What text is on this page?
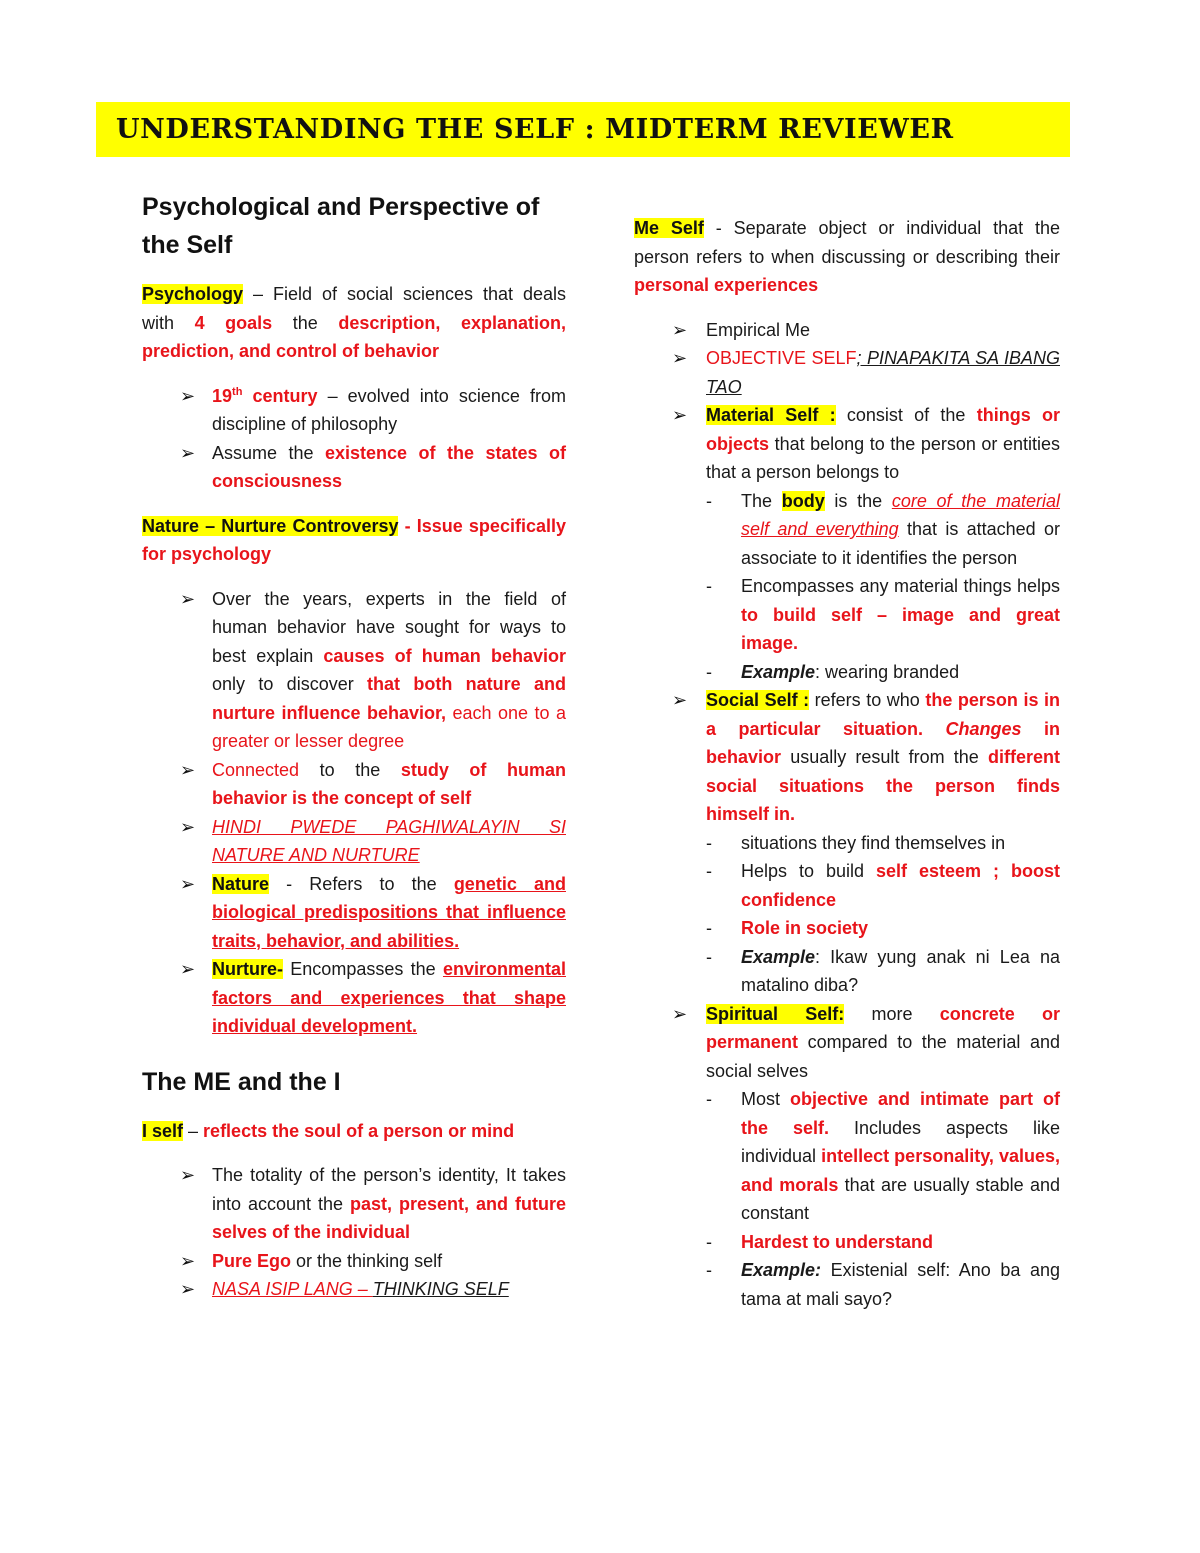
UNDERSTANDING THE SELF : MIDTERM REVIEWER
Psychological and Perspective of the Self

Psychology – Field of social sciences that deals with 4 goals the description, explanation, prediction, and control of behavior

➢ 19th century – evolved into science from discipline of philosophy
➢ Assume the existence of the states of consciousness

Nature – Nurture Controversy - Issue specifically for psychology

➢ Over the years, experts in the field of human behavior have sought for ways to best explain causes of human behavior only to discover that both nature and nurture influence behavior, each one to a greater or lesser degree
➢ Connected to the study of human behavior is the concept of self
➢ HINDI PWEDE PAGHIWALAYIN SI NATURE AND NURTURE
➢ Nature - Refers to the genetic and biological predispositions that influence traits, behavior, and abilities.
➢ Nurture- Encompasses the environmental factors and experiences that shape individual development.
The ME and the I

I self – reflects the soul of a person or mind

➢ The totality of the person’s identity, It takes into account the past, present, and future selves of the individual
➢ Pure Ego or the thinking self
➢ NASA ISIP LANG – THINKING SELF

Me Self - Separate object or individual that the person refers to when discussing or describing their personal experiences

➢ Empirical Me
➢ OBJECTIVE SELF; PINAPAKITA SA IBANG TAO
➢ Material Self : consist of the things or objects that belong to the person or entities that a person belongs to
- The body is the core of the material self and everything that is attached or associate to it identifies the person
- Encompasses any material things helps to build self – image and great image.
- Example: wearing branded
➢ Social Self : refers to who the person is in a particular situation. Changes in behavior usually result from the different social situations the person finds himself in.
- situations they find themselves in
- Helps to build self esteem ; boost confidence
- Role in society
- Example: Ikaw yung anak ni Lea na matalino diba?
➢ Spiritual Self: more concrete or permanent compared to the material and social selves
- Most objective and intimate part of the self. Includes aspects like individual intellect personality, values, and morals that are usually stable and constant
- Hardest to understand
- Example: Existenial self: Ano ba ang tama at mali sayo?
